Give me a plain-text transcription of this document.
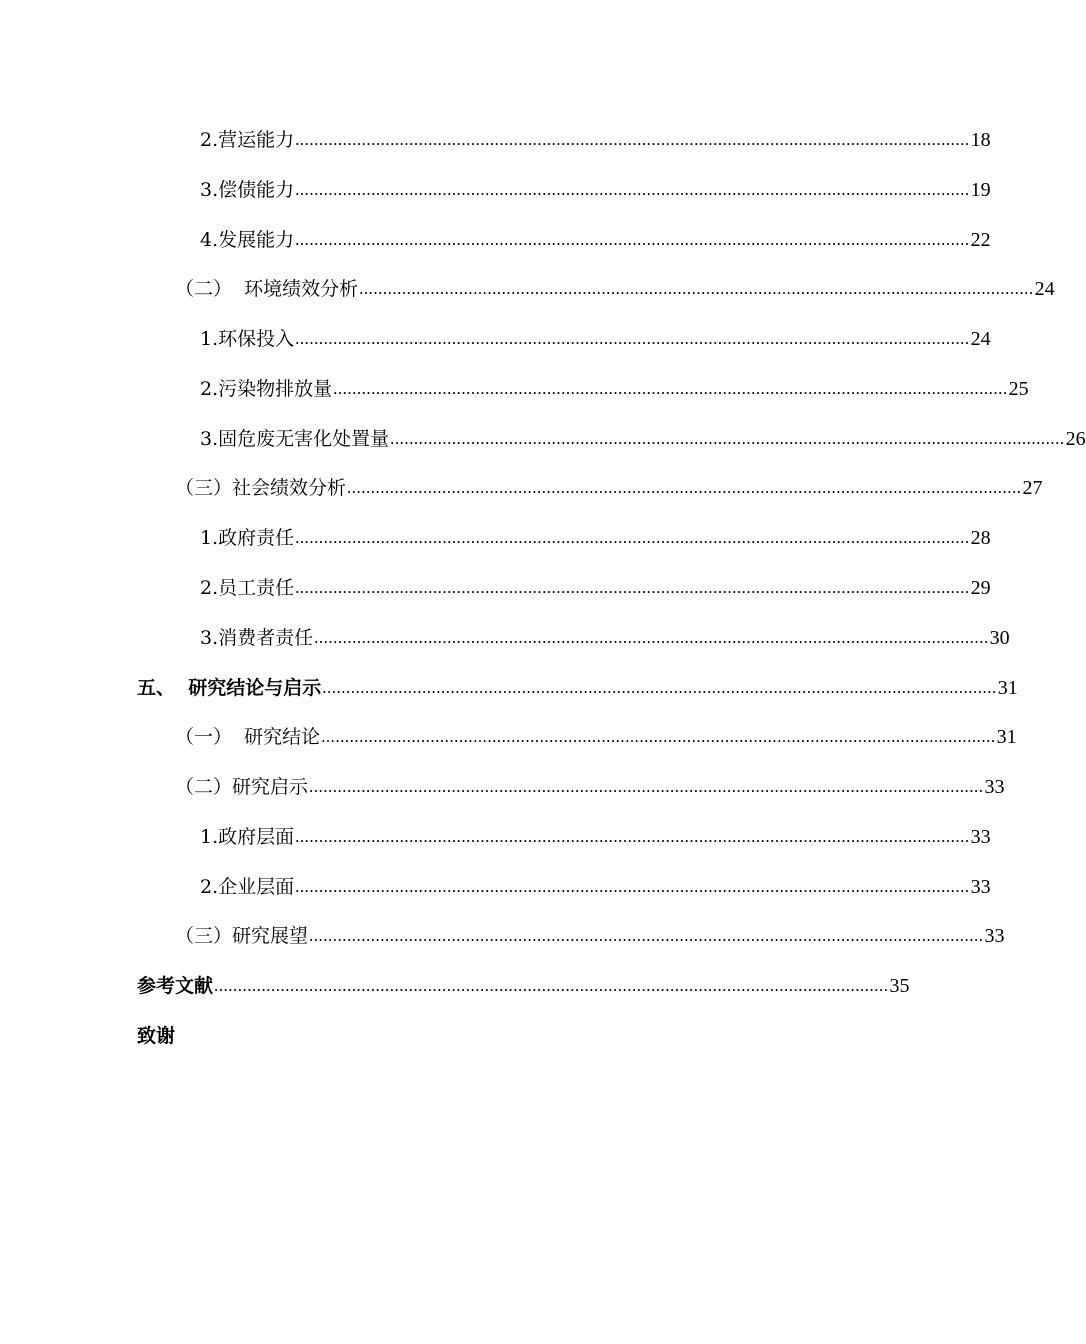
2.营运能力 .............................................................................................................................................. 18
3.偿债能力 .............................................................................................................................................. 19
4.发展能力 .............................................................................................................................................. 22
（二）  环境绩效分析 .............................................................................................................................................. 24
1.环保投入 .............................................................................................................................................. 24
2.污染物排放量 .............................................................................................................................................. 25
3.固危废无害化处置量 .............................................................................................................................................. 26
（三）社会绩效分析 .............................................................................................................................................. 27
1.政府责任 .............................................................................................................................................. 28
2.员工责任 .............................................................................................................................................. 29
3.消费者责任 .............................................................................................................................................. 30
五、  研究结论与启示 .............................................................................................................................................. 31
（一）  研究结论 .............................................................................................................................................. 31
（二）研究启示 .............................................................................................................................................. 33
1.政府层面 .............................................................................................................................................. 33
2.企业层面 .............................................................................................................................................. 33
（三）研究展望 .............................................................................................................................................. 33
参考文献 .............................................................................................................................................. 35
致谢
